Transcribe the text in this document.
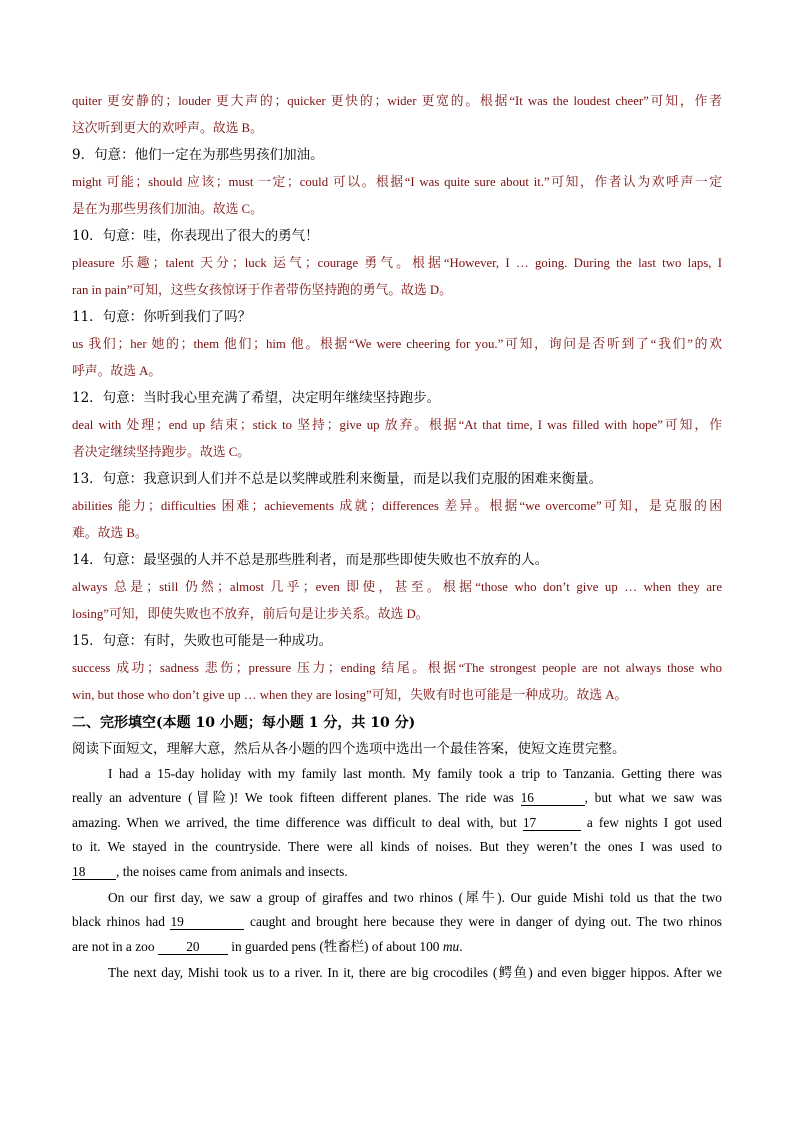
quiter 更安静的；louder 更大声的；quicker 更快的；wider 更宽的。根据“It was the loudest cheer”可知，作者
这次听到更大的欢呼声。故选 B。
9．句意：他们一定在为那些男孩们加油。
might 可能；should 应该；must 一定；could 可以。根据“I was quite sure about it.”可知，作者认为欢呼声一定
是在为那些男孩们加油。故选 C。
10．句意：哇，你表现出了很大的勇气！
pleasure 乐趣；talent 天分；luck 运气；courage 勇气。根据“However, I … going. During the last two laps, I
ran in pain”可知，这些女孩惊讶于作者带伤坚持跑的勇气。故选 D。
11．句意：你听到我们了吗？
us 我们；her 她的；them 他们；him 他。根据“We were cheering for you.”可知，询问是否听到了“我们”的欢
呼声。故选 A。
12．句意：当时我心里充满了希望，决定明年继续坚持跑步。
deal with 处理；end up 结束；stick to 坚持；give up 放弃。根据“At that time, I was filled with hope”可知，作
者决定继续坚持跑步。故选 C。
13．句意：我意识到人们并不总是以奖牌或胜利来衡量，而是以我们克服的困难来衡量。
abilities 能力；difficulties 困难；achievements 成就；differences 差异。根据“we overcome”可知，是克服的困
难。故选 B。
14．句意：最坚强的人并不总是那些胜利者，而是那些即使失败也不放弃的人。
always 总是；still 仍然；almost 几乎；even 即使，甚至。根据“those who don’t give up … when they are
losing”可知，即使失败也不放弃，前后句是让步关系。故选 D。
15．句意：有时，失败也可能是一种成功。
success 成功；sadness 悲伤；pressure 压力；ending 结尾。根据“The strongest people are not always those who
win, but those who don’t give up … when they are losing”可知，失败有时也可能是一种成功。故选 A。
二、完形填空(本题 10 小题；每小题 1 分，共 10 分)
阅读下面短文，理解大意，然后从各小题的四个选项中选出一个最佳答案，使短文连贯完整。
I had a 15-day holiday with my family last month. My family took a trip to Tanzania. Getting there was
really an adventure (冒险)! We took fifteen different planes. The ride was 16	, but what we saw was
amazing. When we arrived, the time difference was difficult to deal with, but 17	a few nights I got used
to it. We stayed in the countryside. There were all kinds of noises. But they weren’t the ones I was used to
18 , the noises came from animals and insects.
On our first day, we saw a group of giraffes and two rhinos (犀牛). Our guide Mishi told us that the two
black rhinos had 19	caught and brought here because they were in danger of dying out. The two rhinos
are not in a zoo 20 in guarded pens (牲畜栏) of about 100 mu.
The next day, Mishi took us to a river. In it, there are big crocodiles (鳄鱼) and even bigger hippos. After we
